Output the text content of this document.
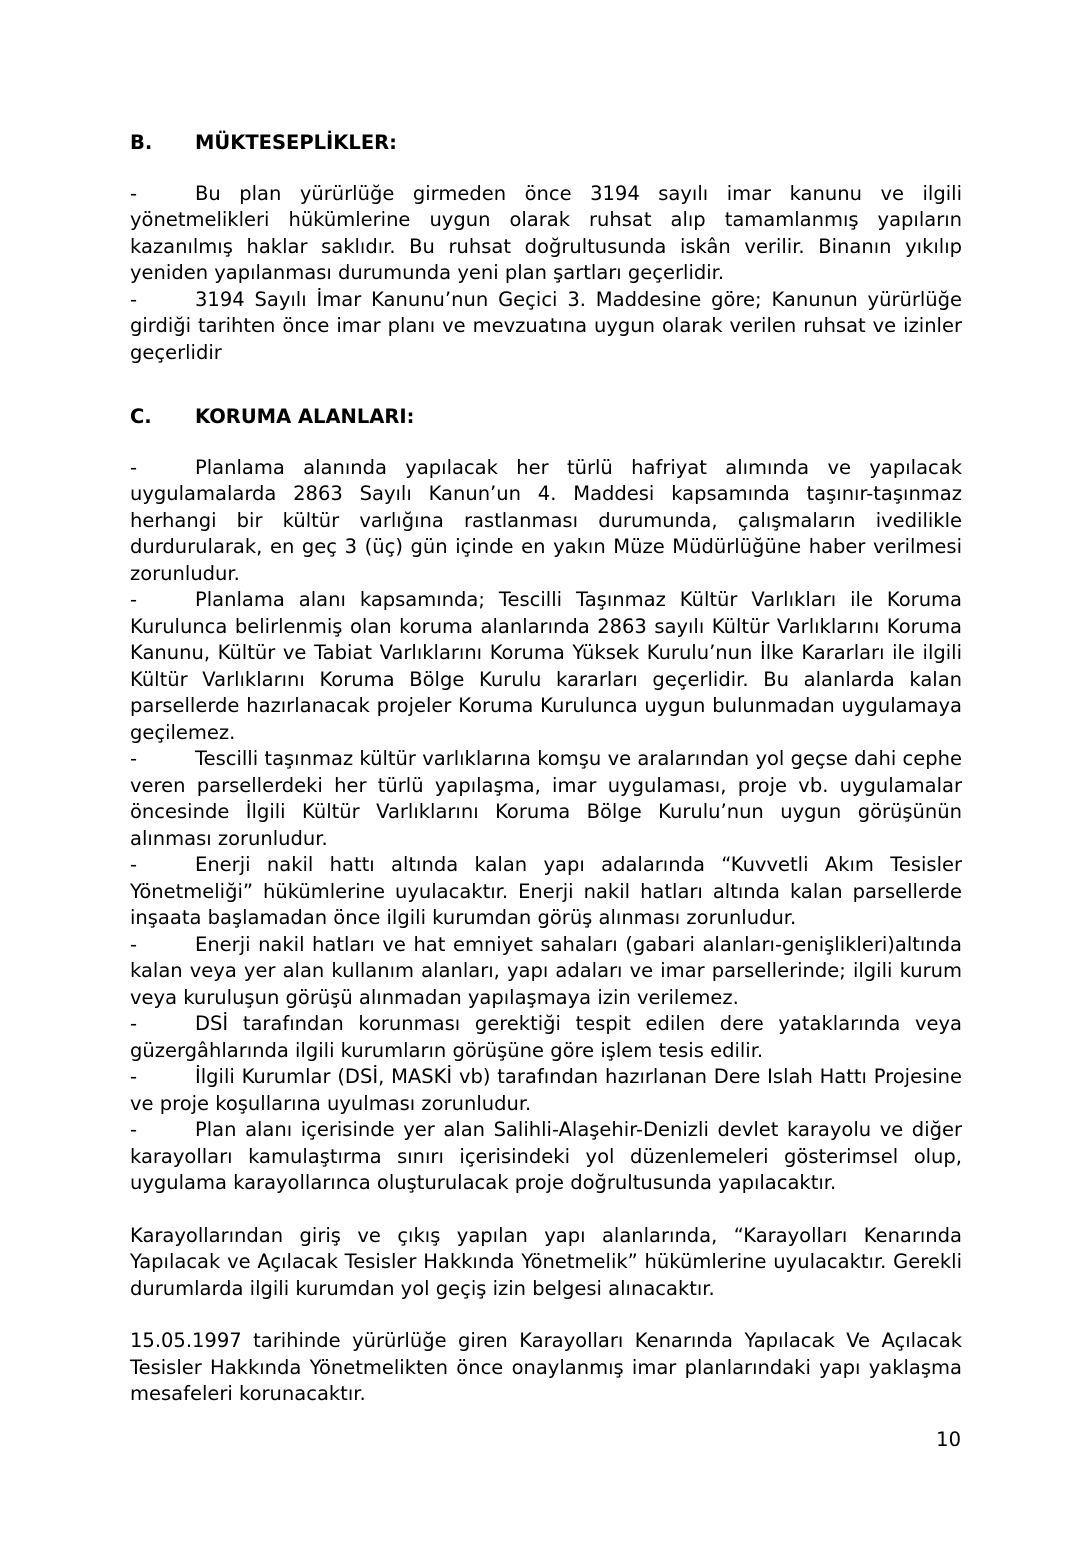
B.	MÜKTESEPLİKLER:

-	Bu plan yürürlüğe girmeden önce 3194 sayılı imar kanunu ve ilgili yönetmelikleri hükümlerine uygun olarak ruhsat alıp tamamlanmış yapıların kazanılmış haklar saklıdır. Bu ruhsat doğrultusunda iskân verilir. Binanın yıkılıp yeniden yapılanması durumunda yeni plan şartları geçerlidir.

-	3194 Sayılı İmar Kanunu’nun Geçici 3. Maddesine göre; Kanunun yürürlüğe girdiği tarihten önce imar planı ve mevzuatına uygun olarak verilen ruhsat ve izinler geçerlidir

C.	KORUMA ALANLARI:

-	Planlama alanında yapılacak her türlü hafriyat alımında ve yapılacak uygulamalarda 2863 Sayılı Kanun’un 4. Maddesi kapsamında taşınır-taşınmaz herhangi bir kültür varlığına rastlanması durumunda, çalışmaların ivedilikle durdurularak, en geç 3 (üç) gün içinde en yakın Müze Müdürlüğüne haber verilmesi zorunludur.

-	Planlama alanı kapsamında; Tescilli Taşınmaz Kültür Varlıkları ile Koruma Kurulunca belirlenmiş olan koruma alanlarında 2863 sayılı Kültür Varlıklarını Koruma Kanunu, Kültür ve Tabiat Varlıklarını Koruma Yüksek Kurulu’nun İlke Kararları ile ilgili Kültür Varlıklarını Koruma Bölge Kurulu kararları geçerlidir. Bu alanlarda kalan parsellerde hazırlanacak projeler Koruma Kurulunca uygun bulunmadan uygulamaya geçilemez.

-	Tescilli taşınmaz kültür varlıklarına komşu ve aralarından yol geçse dahi cephe veren parsellerdeki her türlü yapılaşma, imar uygulaması, proje vb. uygulamalar öncesinde İlgili Kültür Varlıklarını Koruma Bölge Kurulu’nun uygun görüşünün alınması zorunludur.

-	Enerji nakil hattı altında kalan yapı adalarında “Kuvvetli Akım Tesisler Yönetmeliği” hükümlerine uyulacaktır. Enerji nakil hatları altında kalan parsellerde inşaata başlamadan önce ilgili kurumdan görüş alınması zorunludur.

-	Enerji nakil hatları ve hat emniyet sahaları (gabari alanları-genişlikleri)altında kalan veya yer alan kullanım alanları, yapı adaları ve imar parsellerinde; ilgili kurum veya kuruluşun görüşü alınmadan yapılaşmaya izin verilemez.

-	DSİ tarafından korunması gerektiği tespit edilen dere yataklarında veya güzergâhlarında ilgili kurumların görüşüne göre işlem tesis edilir.

-	İlgili Kurumlar (DSİ, MASKİ vb) tarafından hazırlanan Dere Islah Hattı Projesine ve proje koşullarına uyulması zorunludur.

-	Plan alanı içerisinde yer alan Salihli-Alaşehir-Denizli devlet karayolu ve diğer karayolları kamulaştırma sınırı içerisindeki yol düzenlemeleri gösterimsel olup, uygulama karayollarınca oluşturulacak proje doğrultusunda yapılacaktır.

Karayollarından giriş ve çıkış yapılan yapı alanlarında, “Karayolları Kenarında Yapılacak ve Açılacak Tesisler Hakkında Yönetmelik” hükümlerine uyulacaktır. Gerekli durumlarda ilgili kurumdan yol geçiş izin belgesi alınacaktır.

15.05.1997 tarihinde yürürlüğe giren Karayolları Kenarında Yapılacak Ve Açılacak Tesisler Hakkında Yönetmelikten önce onaylanmış imar planlarındaki yapı yaklaşma mesafeleri korunacaktır.

10
